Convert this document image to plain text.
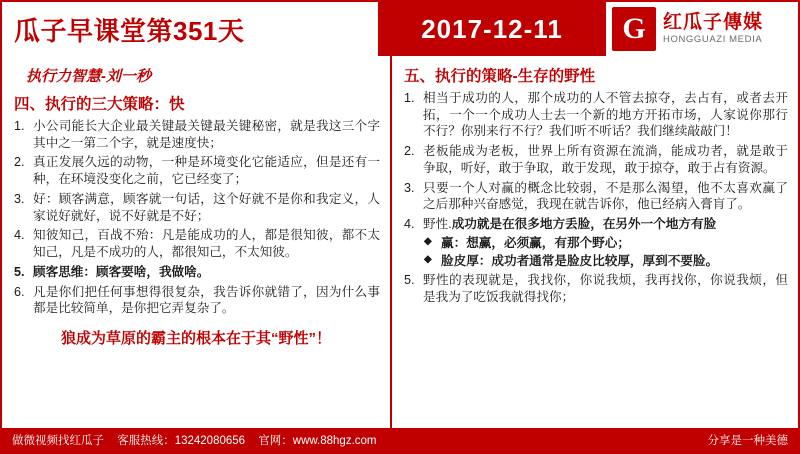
瓜子早课堂第351天	2017-12-11	G 红瓜子傳媒
HONGGUAZI MEDIA
执行力智慧-刘一秒
四、执行的三大策略：快
小公司能长大企业最关键最关键最关键秘密，就是我这三个字其中之一第二个字，就是速度快；
真正发展久远的动物，一种是环境变化它能适应，但是还有一种，在环境没变化之前，它已经变了；
好：顾客满意，顾客就一句话，这个好就不是你和我定义，人家说好就好，说不好就是不好；
知彼知己，百战不殆：凡是能成功的人，都是很知彼，都不太知己，凡是不成功的人，都很知己，不太知彼。
顾客思维：顾客要啥，我做啥。
凡是你们把任何事想得很复杂，我告诉你就错了，因为什么事都是比较简单，是你把它弄复杂了。
狼成为草原的霸主的根本在于其“野性”！
五、执行的策略-生存的野性
相当于成功的人，那个成功的人不管去掠夺，去占有，或者去开拓，一个一个成功人士去一个新的地方开拓市场，人家说你那行不行？你别来行不行？我们听不听话？我们继续敲敲门！
老板能成为老板，世界上所有资源在流淌，能成功者，就是敢于争取，听好，敢于争取，敢于发现，敢于掠夺，敢于占有资源。
只要一个人对赢的概念比较弱，不是那么渴望，他不太喜欢赢了之后那种兴奋感觉，我现在就告诉你，他已经病入膏肓了。
野性.成功就是在很多地方丢脸，在另外一个地方有脸
◆ 赢：想赢，必须赢，有那个野心；
◆ 脸皮厚：成功者通常是脸皮比较厚，厚到不要脸。
野性的表现就是，我找你，你说我烦，我再找你，你说我烦，但是我为了吃饭我就得找你；
做微视频找红瓜子 客服热线：13242080656 官网：www.88hgz.com	分享是一种美德
